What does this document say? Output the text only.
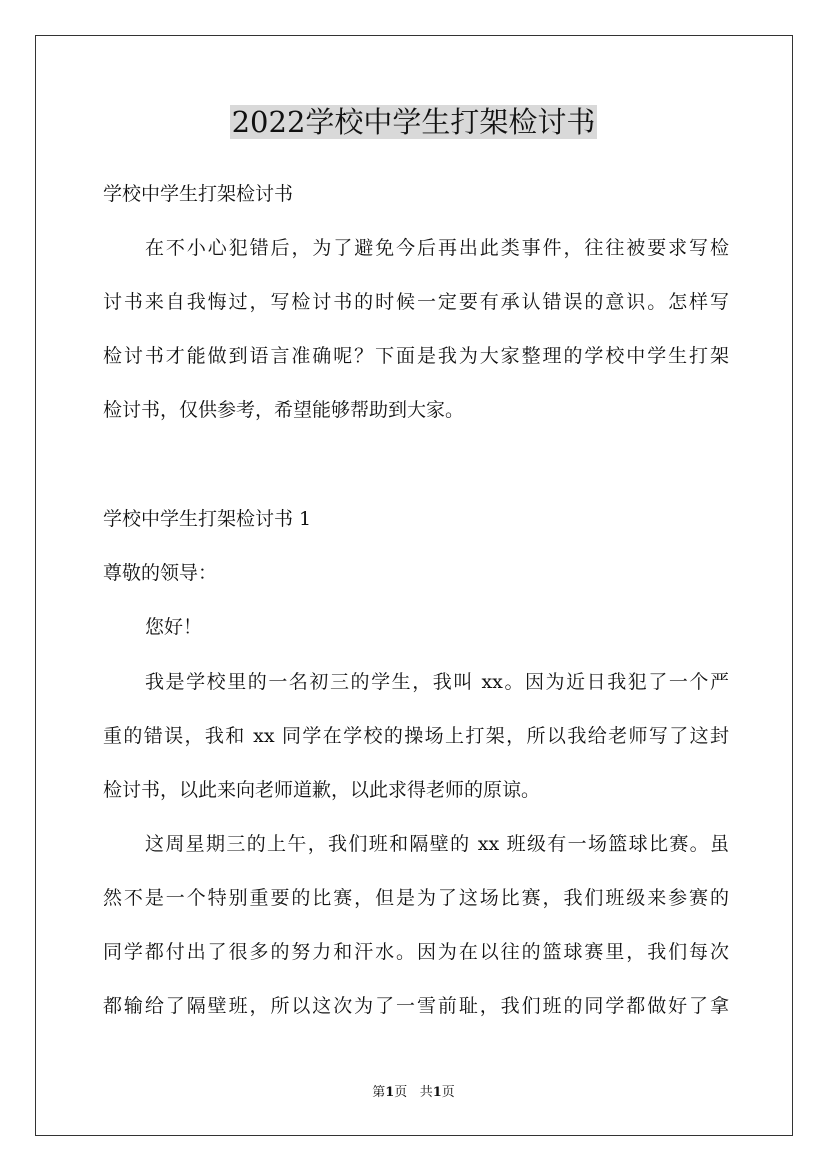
2022学校中学生打架检讨书
学校中学生打架检讨书
在不小心犯错后，为了避免今后再出此类事件，往往被要求写检
讨书来自我悔过，写检讨书的时候一定要有承认错误的意识。怎样写
检讨书才能做到语言准确呢？下面是我为大家整理的学校中学生打架
检讨书，仅供参考，希望能够帮助到大家。
学校中学生打架检讨书 1
尊敬的领导：
您好！
我是学校里的一名初三的学生，我叫 xx。因为近日我犯了一个严
重的错误，我和 xx 同学在学校的操场上打架，所以我给老师写了这封
检讨书，以此来向老师道歉，以此求得老师的原谅。
这周星期三的上午，我们班和隔壁的 xx 班级有一场篮球比赛。虽
然不是一个特别重要的比赛，但是为了这场比赛，我们班级来参赛的
同学都付出了很多的努力和汗水。因为在以往的篮球赛里，我们每次
都输给了隔壁班，所以这次为了一雪前耻，我们班的同学都做好了拿
第1页   共1页
